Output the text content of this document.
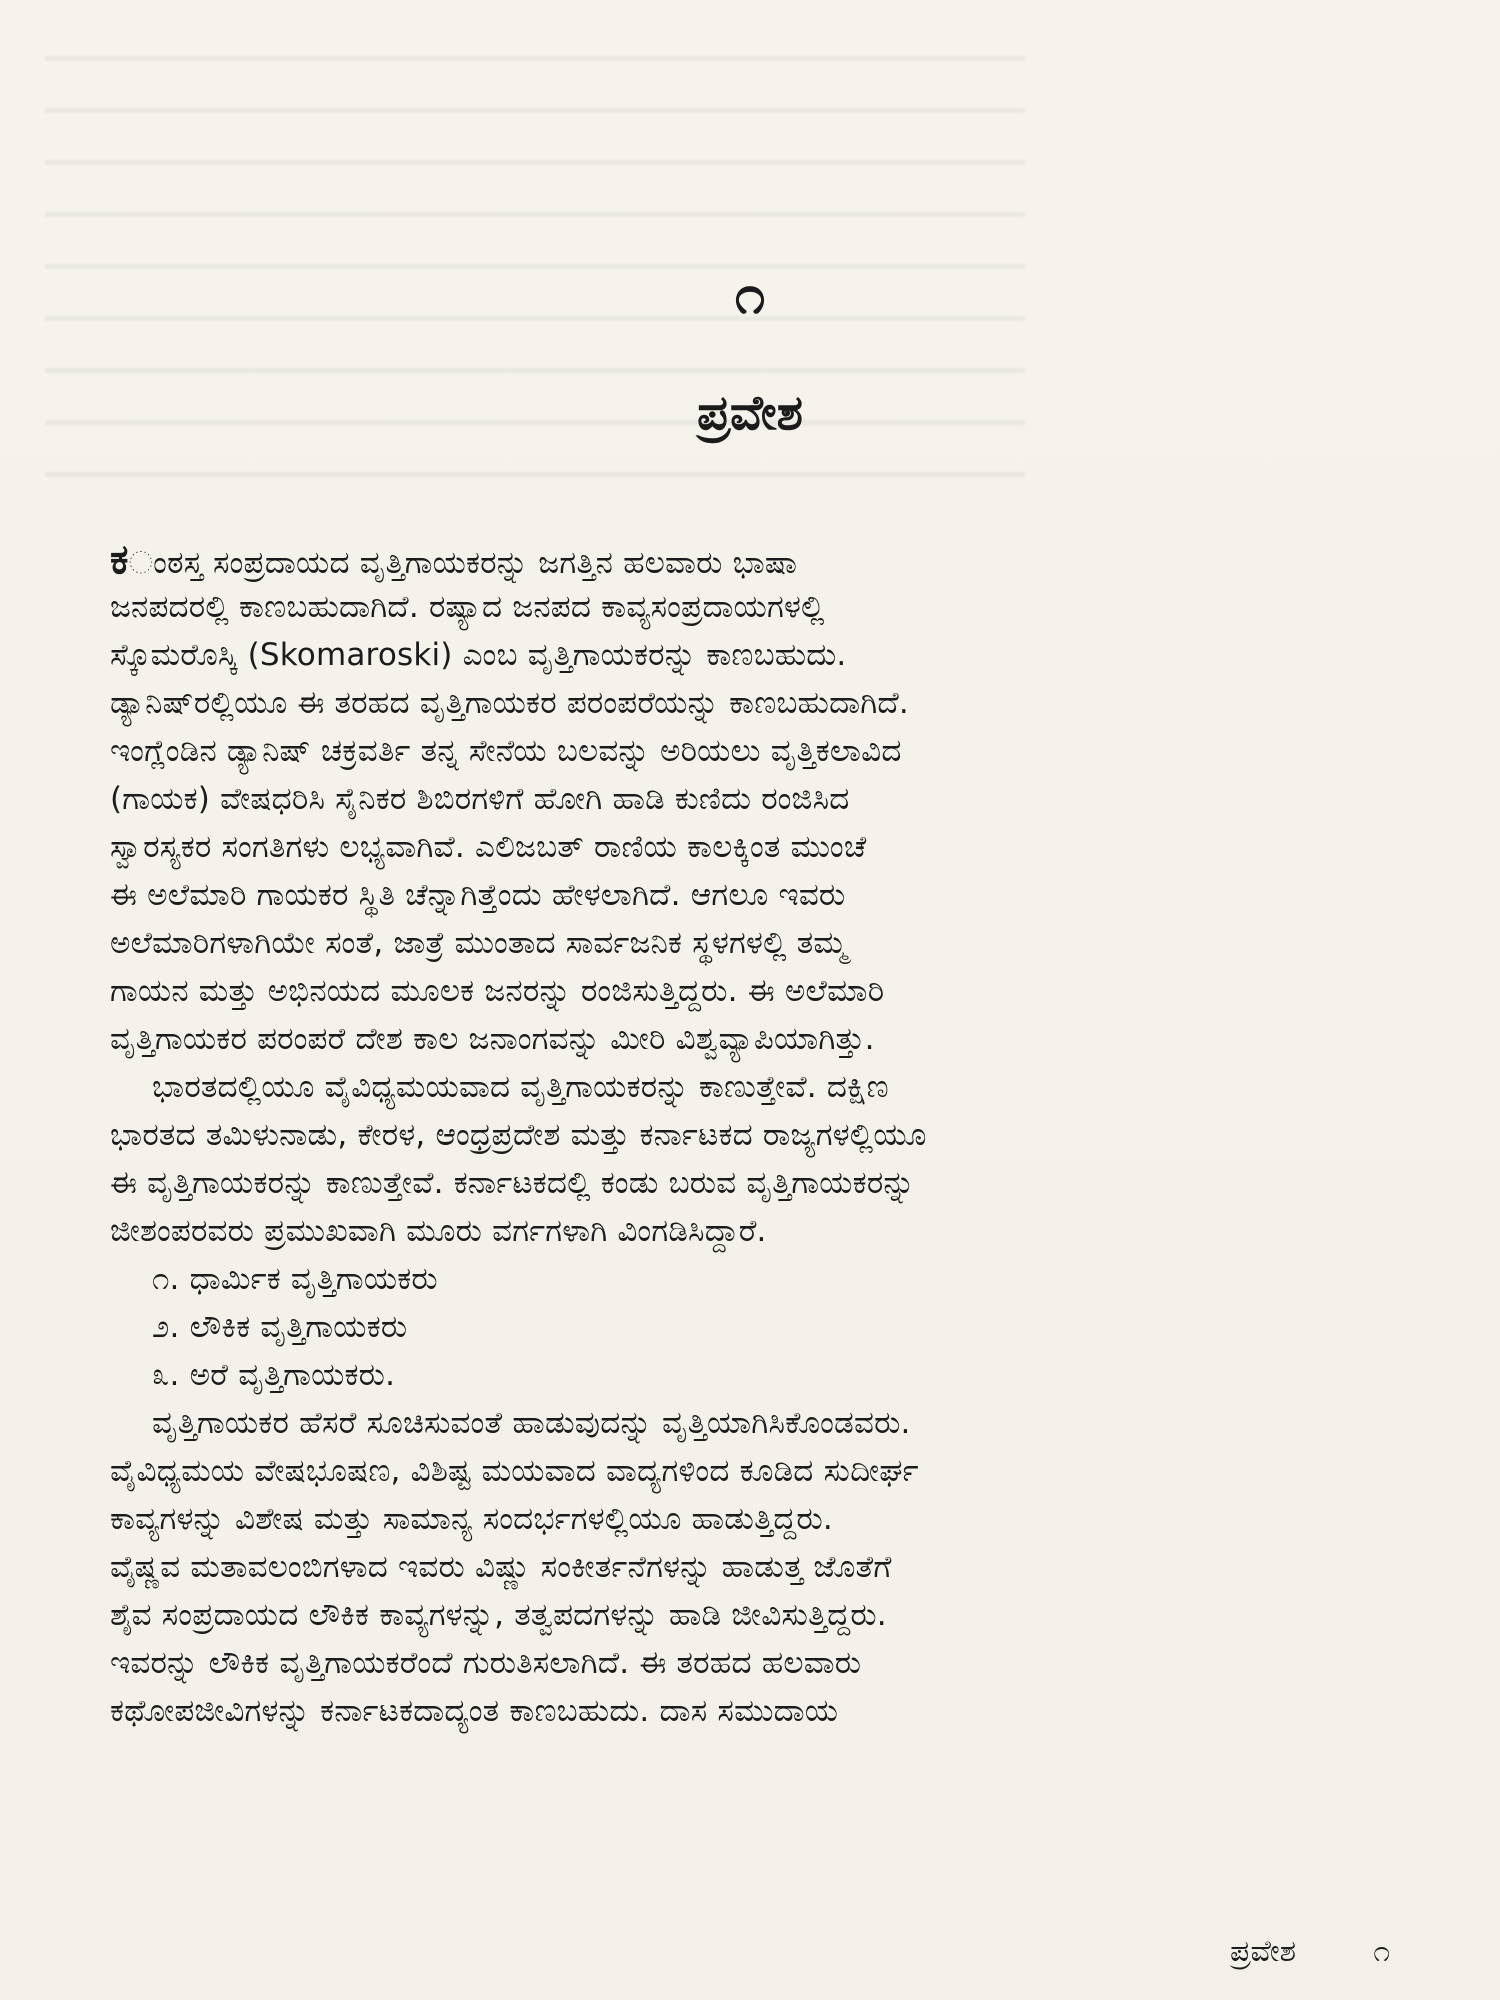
೧
ಪ್ರವೇಶ
ಕಂಠಸ್ತ ಸಂಪ್ರದಾಯದ ವೃತ್ತಿಗಾಯಕರನ್ನು ಜಗತ್ತಿನ ಹಲವಾರು ಭಾಷಾ
ಜನಪದರಲ್ಲಿ ಕಾಣಬಹುದಾಗಿದೆ. ರಷ್ಯಾದ ಜನಪದ ಕಾವ್ಯಸಂಪ್ರದಾಯಗಳಲ್ಲಿ
ಸ್ಕೊಮರೊಸ್ಕಿ (Skomaroski) ಎಂಬ ವೃತ್ತಿಗಾಯಕರನ್ನು ಕಾಣಬಹುದು.
ಡ್ಯಾನಿಷ್‌ರಲ್ಲಿಯೂ ಈ ತರಹದ ವೃತ್ತಿಗಾಯಕರ ಪರಂಪರೆಯನ್ನು ಕಾಣಬಹುದಾಗಿದೆ.
ಇಂಗ್ಲೆಂಡಿನ ಡ್ಯಾನಿಷ್ ಚಕ್ರವರ್ತಿ ತನ್ನ ಸೇನೆಯ ಬಲವನ್ನು ಅರಿಯಲು ವೃತ್ತಿಕಲಾವಿದ
(ಗಾಯಕ) ವೇಷಧರಿಸಿ ಸೈನಿಕರ ಶಿಬಿರಗಳಿಗೆ ಹೋಗಿ ಹಾಡಿ ಕುಣಿದು ರಂಜಿಸಿದ
ಸ್ವಾರಸ್ಯಕರ ಸಂಗತಿಗಳು ಲಭ್ಯವಾಗಿವೆ. ಎಲಿಜಬತ್ ರಾಣಿಯ ಕಾಲಕ್ಕಿಂತ ಮುಂಚೆ
ಈ ಅಲೆಮಾರಿ ಗಾಯಕರ ಸ್ಥಿತಿ ಚೆನ್ನಾಗಿತ್ತೆಂದು ಹೇಳಲಾಗಿದೆ. ಆಗಲೂ ಇವರು
ಅಲೆಮಾರಿಗಳಾಗಿಯೇ ಸಂತೆ, ಜಾತ್ರೆ ಮುಂತಾದ ಸಾರ್ವಜನಿಕ ಸ್ಥಳಗಳಲ್ಲಿ ತಮ್ಮ
ಗಾಯನ ಮತ್ತು ಅಭಿನಯದ ಮೂಲಕ ಜನರನ್ನು ರಂಜಿಸುತ್ತಿದ್ದರು. ಈ ಅಲೆಮಾರಿ
ವೃತ್ತಿಗಾಯಕರ ಪರಂಪರೆ ದೇಶ ಕಾಲ ಜನಾಂಗವನ್ನು ಮೀರಿ ವಿಶ್ವವ್ಯಾಪಿಯಾಗಿತ್ತು.
ಭಾರತದಲ್ಲಿಯೂ ವೈವಿಧ್ಯಮಯವಾದ ವೃತ್ತಿಗಾಯಕರನ್ನು ಕಾಣುತ್ತೇವೆ. ದಕ್ಷಿಣ
ಭಾರತದ ತಮಿಳುನಾಡು, ಕೇರಳ, ಆಂಧ್ರಪ್ರದೇಶ ಮತ್ತು ಕರ್ನಾಟಕದ ರಾಜ್ಯಗಳಲ್ಲಿಯೂ
ಈ ವೃತ್ತಿಗಾಯಕರನ್ನು ಕಾಣುತ್ತೇವೆ. ಕರ್ನಾಟಕದಲ್ಲಿ ಕಂಡು ಬರುವ ವೃತ್ತಿಗಾಯಕರನ್ನು
ಜೀಶಂಪರವರು ಪ್ರಮುಖವಾಗಿ ಮೂರು ವರ್ಗಗಳಾಗಿ ವಿಂಗಡಿಸಿದ್ದಾರೆ.
೧. ಧಾರ್ಮಿಕ ವೃತ್ತಿಗಾಯಕರು
೨. ಲೌಕಿಕ ವೃತ್ತಿಗಾಯಕರು
೩. ಅರೆ ವೃತ್ತಿಗಾಯಕರು.
ವೃತ್ತಿಗಾಯಕರ ಹೆಸರೆ ಸೂಚಿಸುವಂತೆ ಹಾಡುವುದನ್ನು ವೃತ್ತಿಯಾಗಿಸಿಕೊಂಡವರು.
ವೈವಿಧ್ಯಮಯ ವೇಷಭೂಷಣ, ವಿಶಿಷ್ಟ ಮಯವಾದ ವಾದ್ಯಗಳಿಂದ ಕೂಡಿದ ಸುದೀರ್ಘ
ಕಾವ್ಯಗಳನ್ನು ವಿಶೇಷ ಮತ್ತು ಸಾಮಾನ್ಯ ಸಂದರ್ಭಗಳಲ್ಲಿಯೂ ಹಾಡುತ್ತಿದ್ದರು.
ವೈಷ್ಣವ ಮತಾವಲಂಬಿಗಳಾದ ಇವರು ವಿಷ್ಣು ಸಂಕೀರ್ತನೆಗಳನ್ನು ಹಾಡುತ್ತ ಜೊತೆಗೆ
ಶೈವ ಸಂಪ್ರದಾಯದ ಲೌಕಿಕ ಕಾವ್ಯಗಳನ್ನು, ತತ್ವಪದಗಳನ್ನು ಹಾಡಿ ಜೀವಿಸುತ್ತಿದ್ದರು.
ಇವರನ್ನು ಲೌಕಿಕ ವೃತ್ತಿಗಾಯಕರೆಂದೆ ಗುರುತಿಸಲಾಗಿದೆ. ಈ ತರಹದ ಹಲವಾರು
ಕಥೋಪಜೀವಿಗಳನ್ನು ಕರ್ನಾಟಕದಾದ್ಯಂತ ಕಾಣಬಹುದು. ದಾಸ ಸಮುದಾಯ
ಪ್ರವೇಶ	೧
